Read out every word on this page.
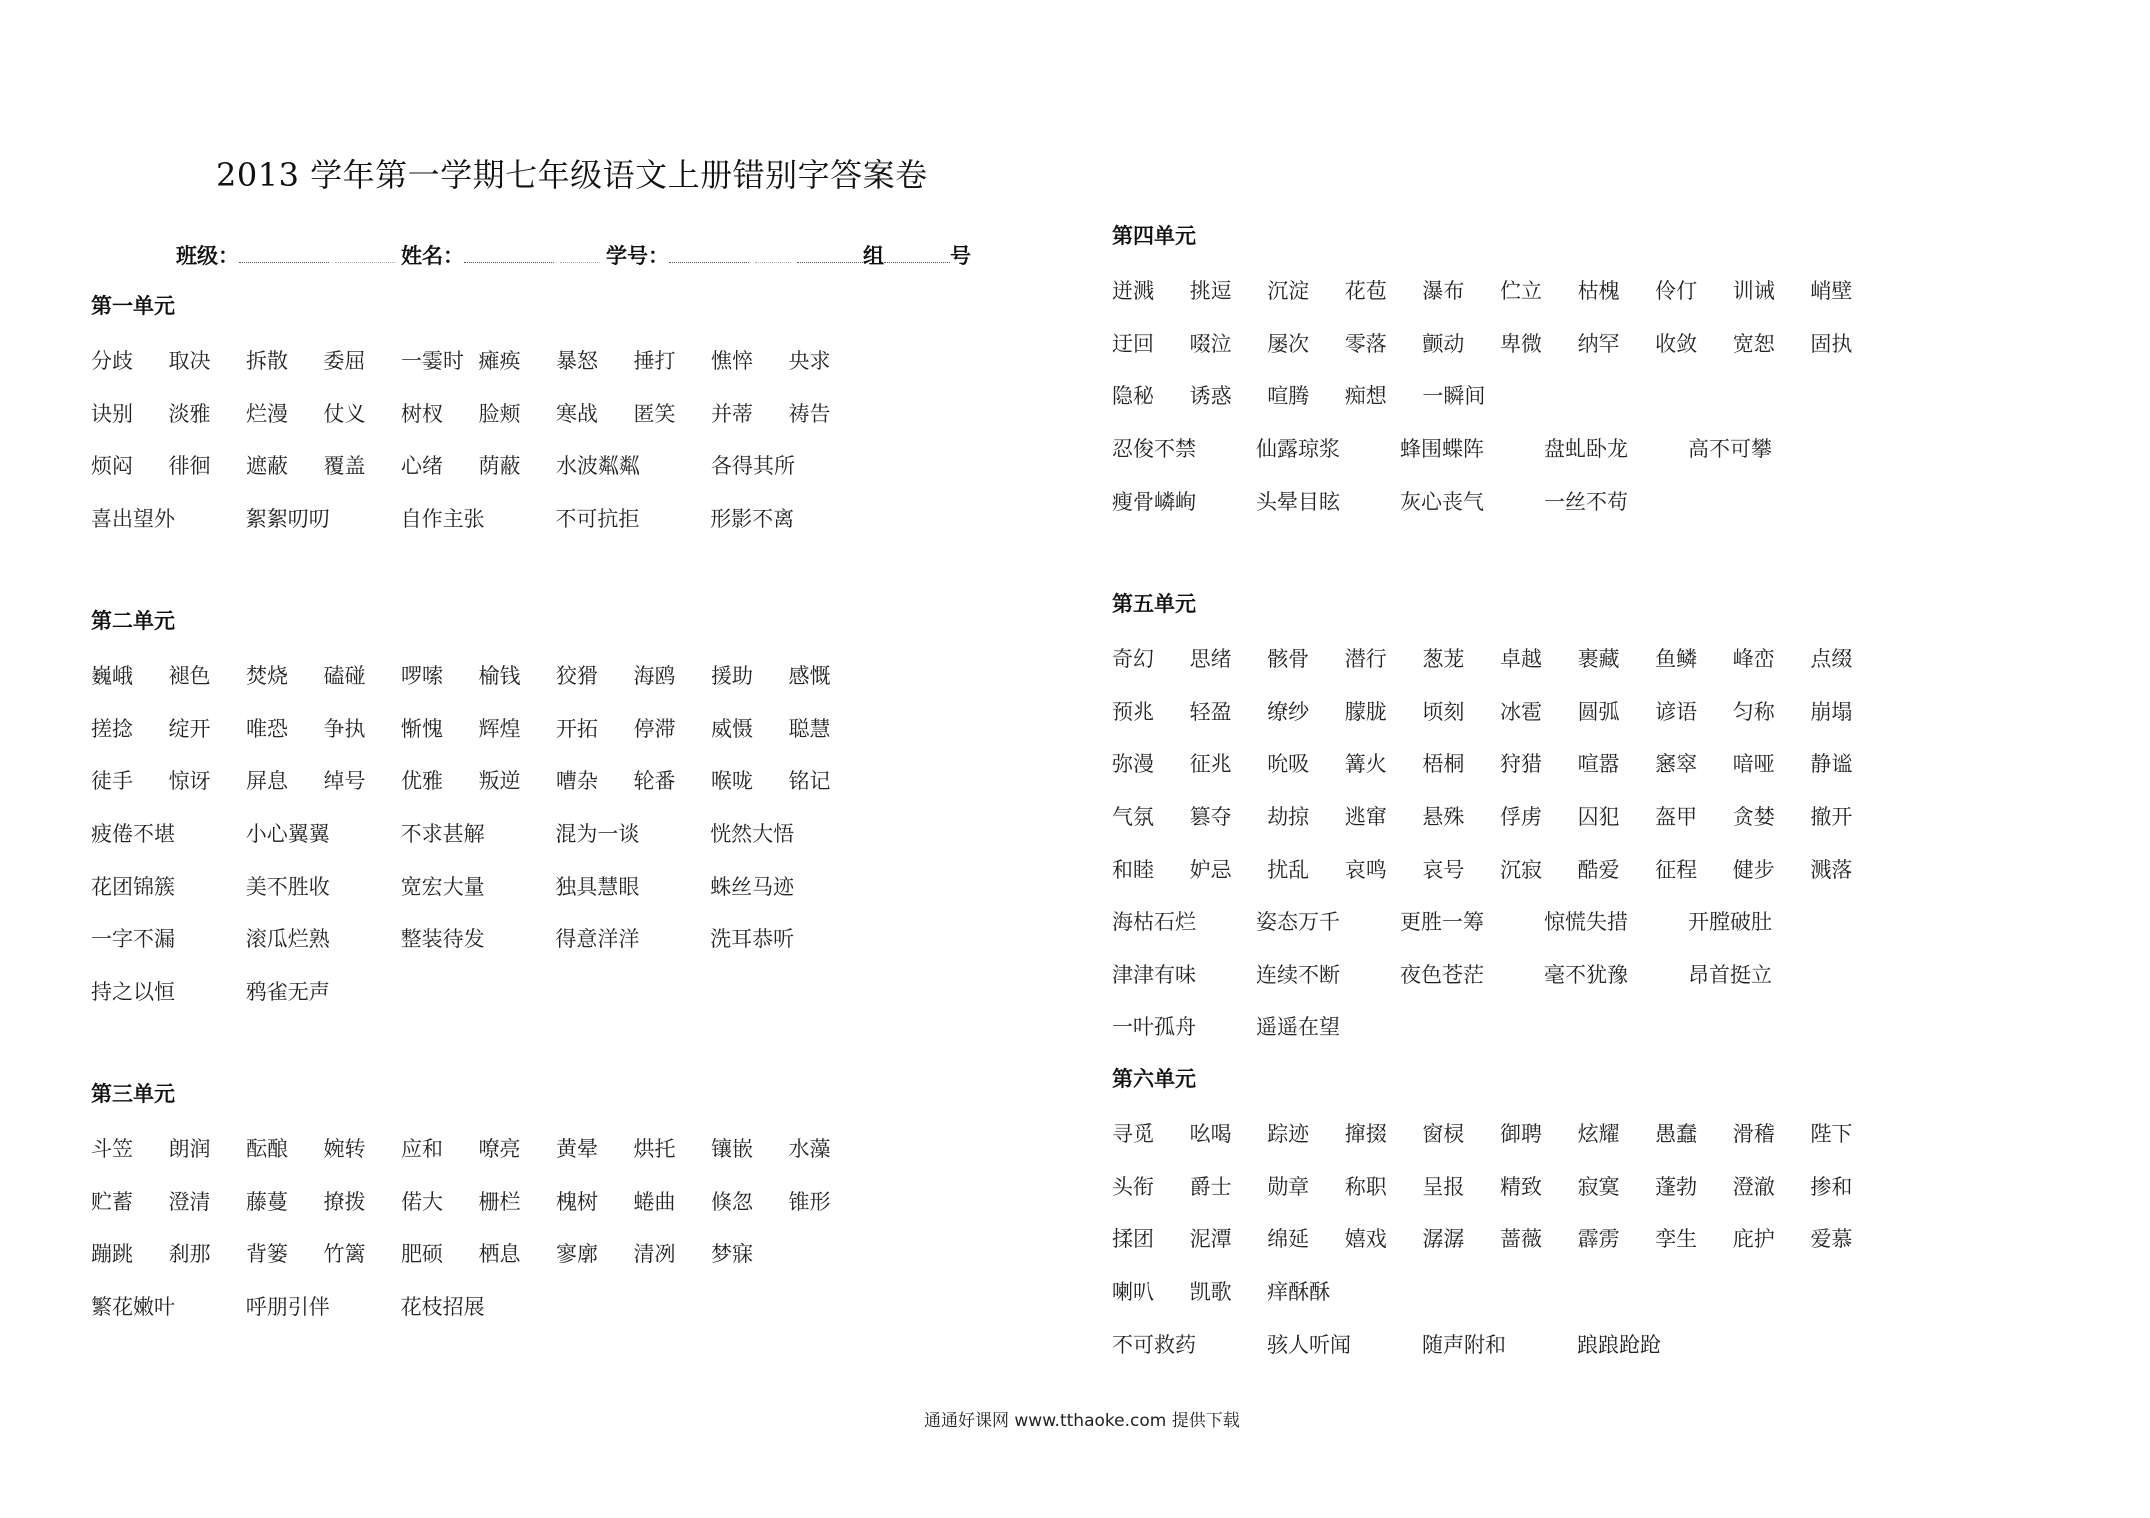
2013 学年第一学期七年级语文上册错别字答案卷
班级：	姓名：	学号：	组	号
第一单元
分歧	取决	拆散	委屈	一霎时 瘫痪	暴怒	捶打	憔悴	央求
诀别	淡雅	烂漫	仗义	树杈	脸颊	寒战	匿笑	并蒂	祷告
烦闷	徘徊	遮蔽	覆盖	心绪	荫蔽	水波粼粼	各得其所
喜出望外	絮絮叨叨	自作主张	不可抗拒	形影不离
第二单元
巍峨	褪色	焚烧	磕碰	啰嗦	榆钱	狡猾	海鸥	援助	感慨
搓捻	绽开	唯恐	争执	惭愧	辉煌	开拓	停滞	威慑	聪慧
徒手	惊讶	屏息	绰号	优雅	叛逆	嘈杂	轮番	喉咙	铭记
疲倦不堪	小心翼翼	不求甚解	混为一谈	恍然大悟
花团锦簇	美不胜收	宽宏大量	独具慧眼	蛛丝马迹
一字不漏	滚瓜烂熟	整装待发	得意洋洋	洗耳恭听
持之以恒	鸦雀无声
第三单元
斗笠	朗润	酝酿	婉转	应和	嘹亮	黄晕	烘托	镶嵌	水藻
贮蓄	澄清	藤蔓	撩拨	偌大	栅栏	槐树	蜷曲	倏忽	锥形
蹦跳	刹那	背篓	竹篱	肥硕	栖息	寥廓	清冽	梦寐
繁花嫩叶	呼朋引伴	花枝招展
第四单元
迸溅	挑逗	沉淀	花苞	瀑布	伫立	枯槐	伶仃	训诫	峭壁
迂回	啜泣	屡次	零落	颤动	卑微	纳罕	收敛	宽恕	固执
隐秘	诱惑	喧腾	痴想	一瞬间
忍俊不禁	仙露琼浆	蜂围蝶阵	盘虬卧龙	高不可攀
瘦骨嶙峋	头晕目眩	灰心丧气	一丝不苟
第五单元
奇幻	思绪	骸骨	潜行	葱茏	卓越	裹藏	鱼鳞	峰峦	点缀
预兆	轻盈	缭纱	朦胧	顷刻	冰雹	圆弧	谚语	匀称	崩塌
弥漫	征兆	吮吸	篝火	梧桐	狩猎	喧嚣	窸窣	喑哑	静谧
气氛	篡夺	劫掠	逃窜	悬殊	俘虏	囚犯	盔甲	贪婪	撤开
和睦	妒忌	扰乱	哀鸣	哀号	沉寂	酷爱	征程	健步	溅落
海枯石烂	姿态万千	更胜一筹	惊慌失措	开膛破肚
津津有味	连续不断	夜色苍茫	毫不犹豫	昂首挺立
一叶孤舟	遥遥在望
第六单元
寻觅	吆喝	踪迹	撺掇	窗棂	御聘	炫耀	愚蠢	滑稽	陛下
头衔	爵士	勋章	称职	呈报	精致	寂寞	蓬勃	澄澈	掺和
揉团	泥潭	绵延	嬉戏	潺潺	蔷薇	霹雳	孪生	庇护	爱慕
喇叭	凯歌	痒酥酥
不可救药	骇人听闻	随声附和	踉踉跄跄
通通好课网 www.tthaoke.com 提供下载
